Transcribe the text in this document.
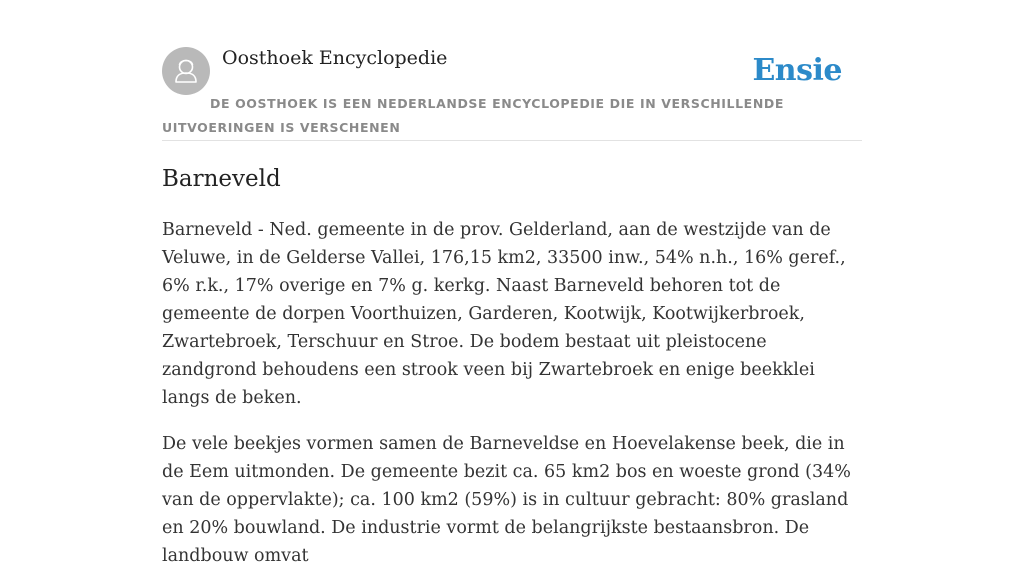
Oosthoek Encyclopedie	Ensie
DE OOSTHOEK IS EEN NEDERLANDSE ENCYCLOPEDIE DIE IN VERSCHILLENDE UITVOERINGEN IS VERSCHENEN
Barneveld

Barneveld - Ned. gemeente in de prov. Gelderland, aan de westzijde van de Veluwe, in de Gelderse Vallei, 176,15 km2, 33500 inw., 54% n.h., 16% geref., 6% r.k., 17% overige en 7% g. kerkg. Naast Barneveld behoren tot de gemeente de dorpen Voorthuizen, Garderen, Kootwijk, Kootwijkerbroek, Zwartebroek, Terschuur en Stroe. De bodem bestaat uit pleistocene zandgrond behoudens een strook veen bij Zwartebroek en enige beekklei langs de beken.

De vele beekjes vormen samen de Barneveldse en Hoevelakense beek, die in de Eem uitmonden. De gemeente bezit ca. 65 km2 bos en woeste grond (34% van de oppervlakte); ca. 100 km2 (59%) is in cultuur gebracht: 80% grasland en 20% bouwland. De industrie vormt de belangrijkste bestaansbron. De landbouw omvat
